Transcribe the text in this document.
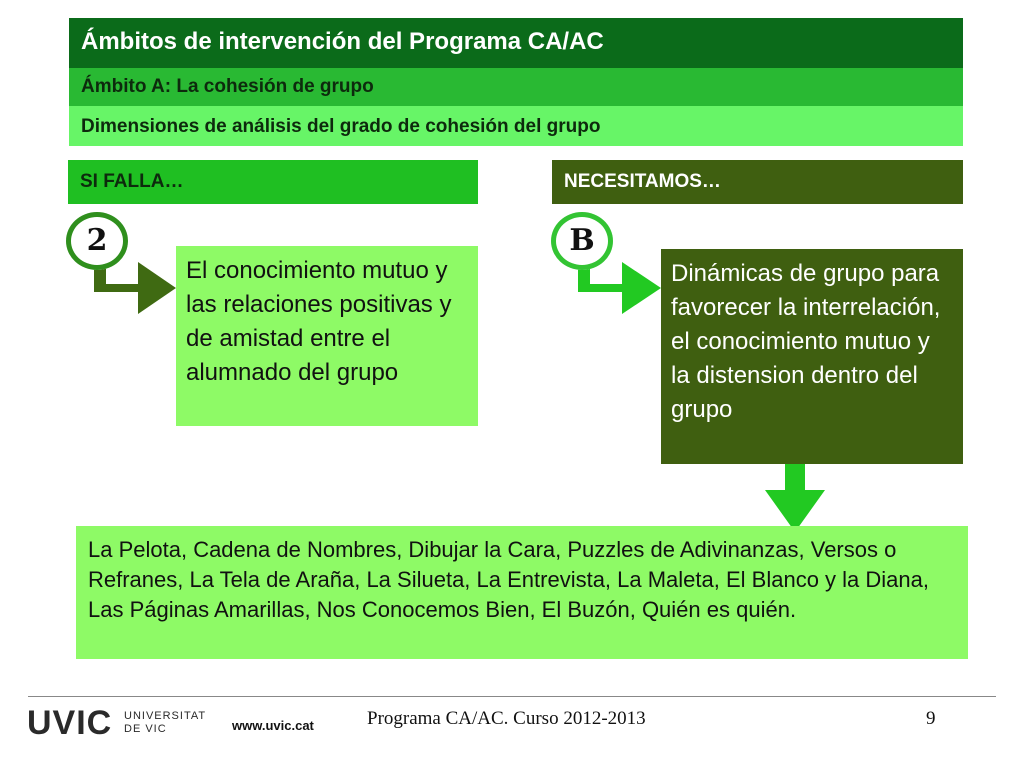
Ámbitos de intervención del Programa CA/AC
Ámbito A: La cohesión de grupo
Dimensiones de análisis del grado de cohesión del grupo
SI FALLA…	NECESITAMOS…
2	B
El conocimiento mutuo y las relaciones positivas y de amistad entre el alumnado del grupo
Dinámicas de grupo para favorecer la interrelación, el conocimiento mutuo y la distension dentro del grupo
La Pelota, Cadena de Nombres, Dibujar la Cara, Puzzles de Adivinanzas, Versos o Refranes, La Tela de Araña, La Silueta, La Entrevista, La Maleta, El Blanco y la Diana, Las Páginas Amarillas, Nos Conocemos Bien, El Buzón, Quién es quién.
UVIC UNIVERSITAT
DE VIC	www.uvic.cat	Programa CA/AC. Curso 2012-2013	9
